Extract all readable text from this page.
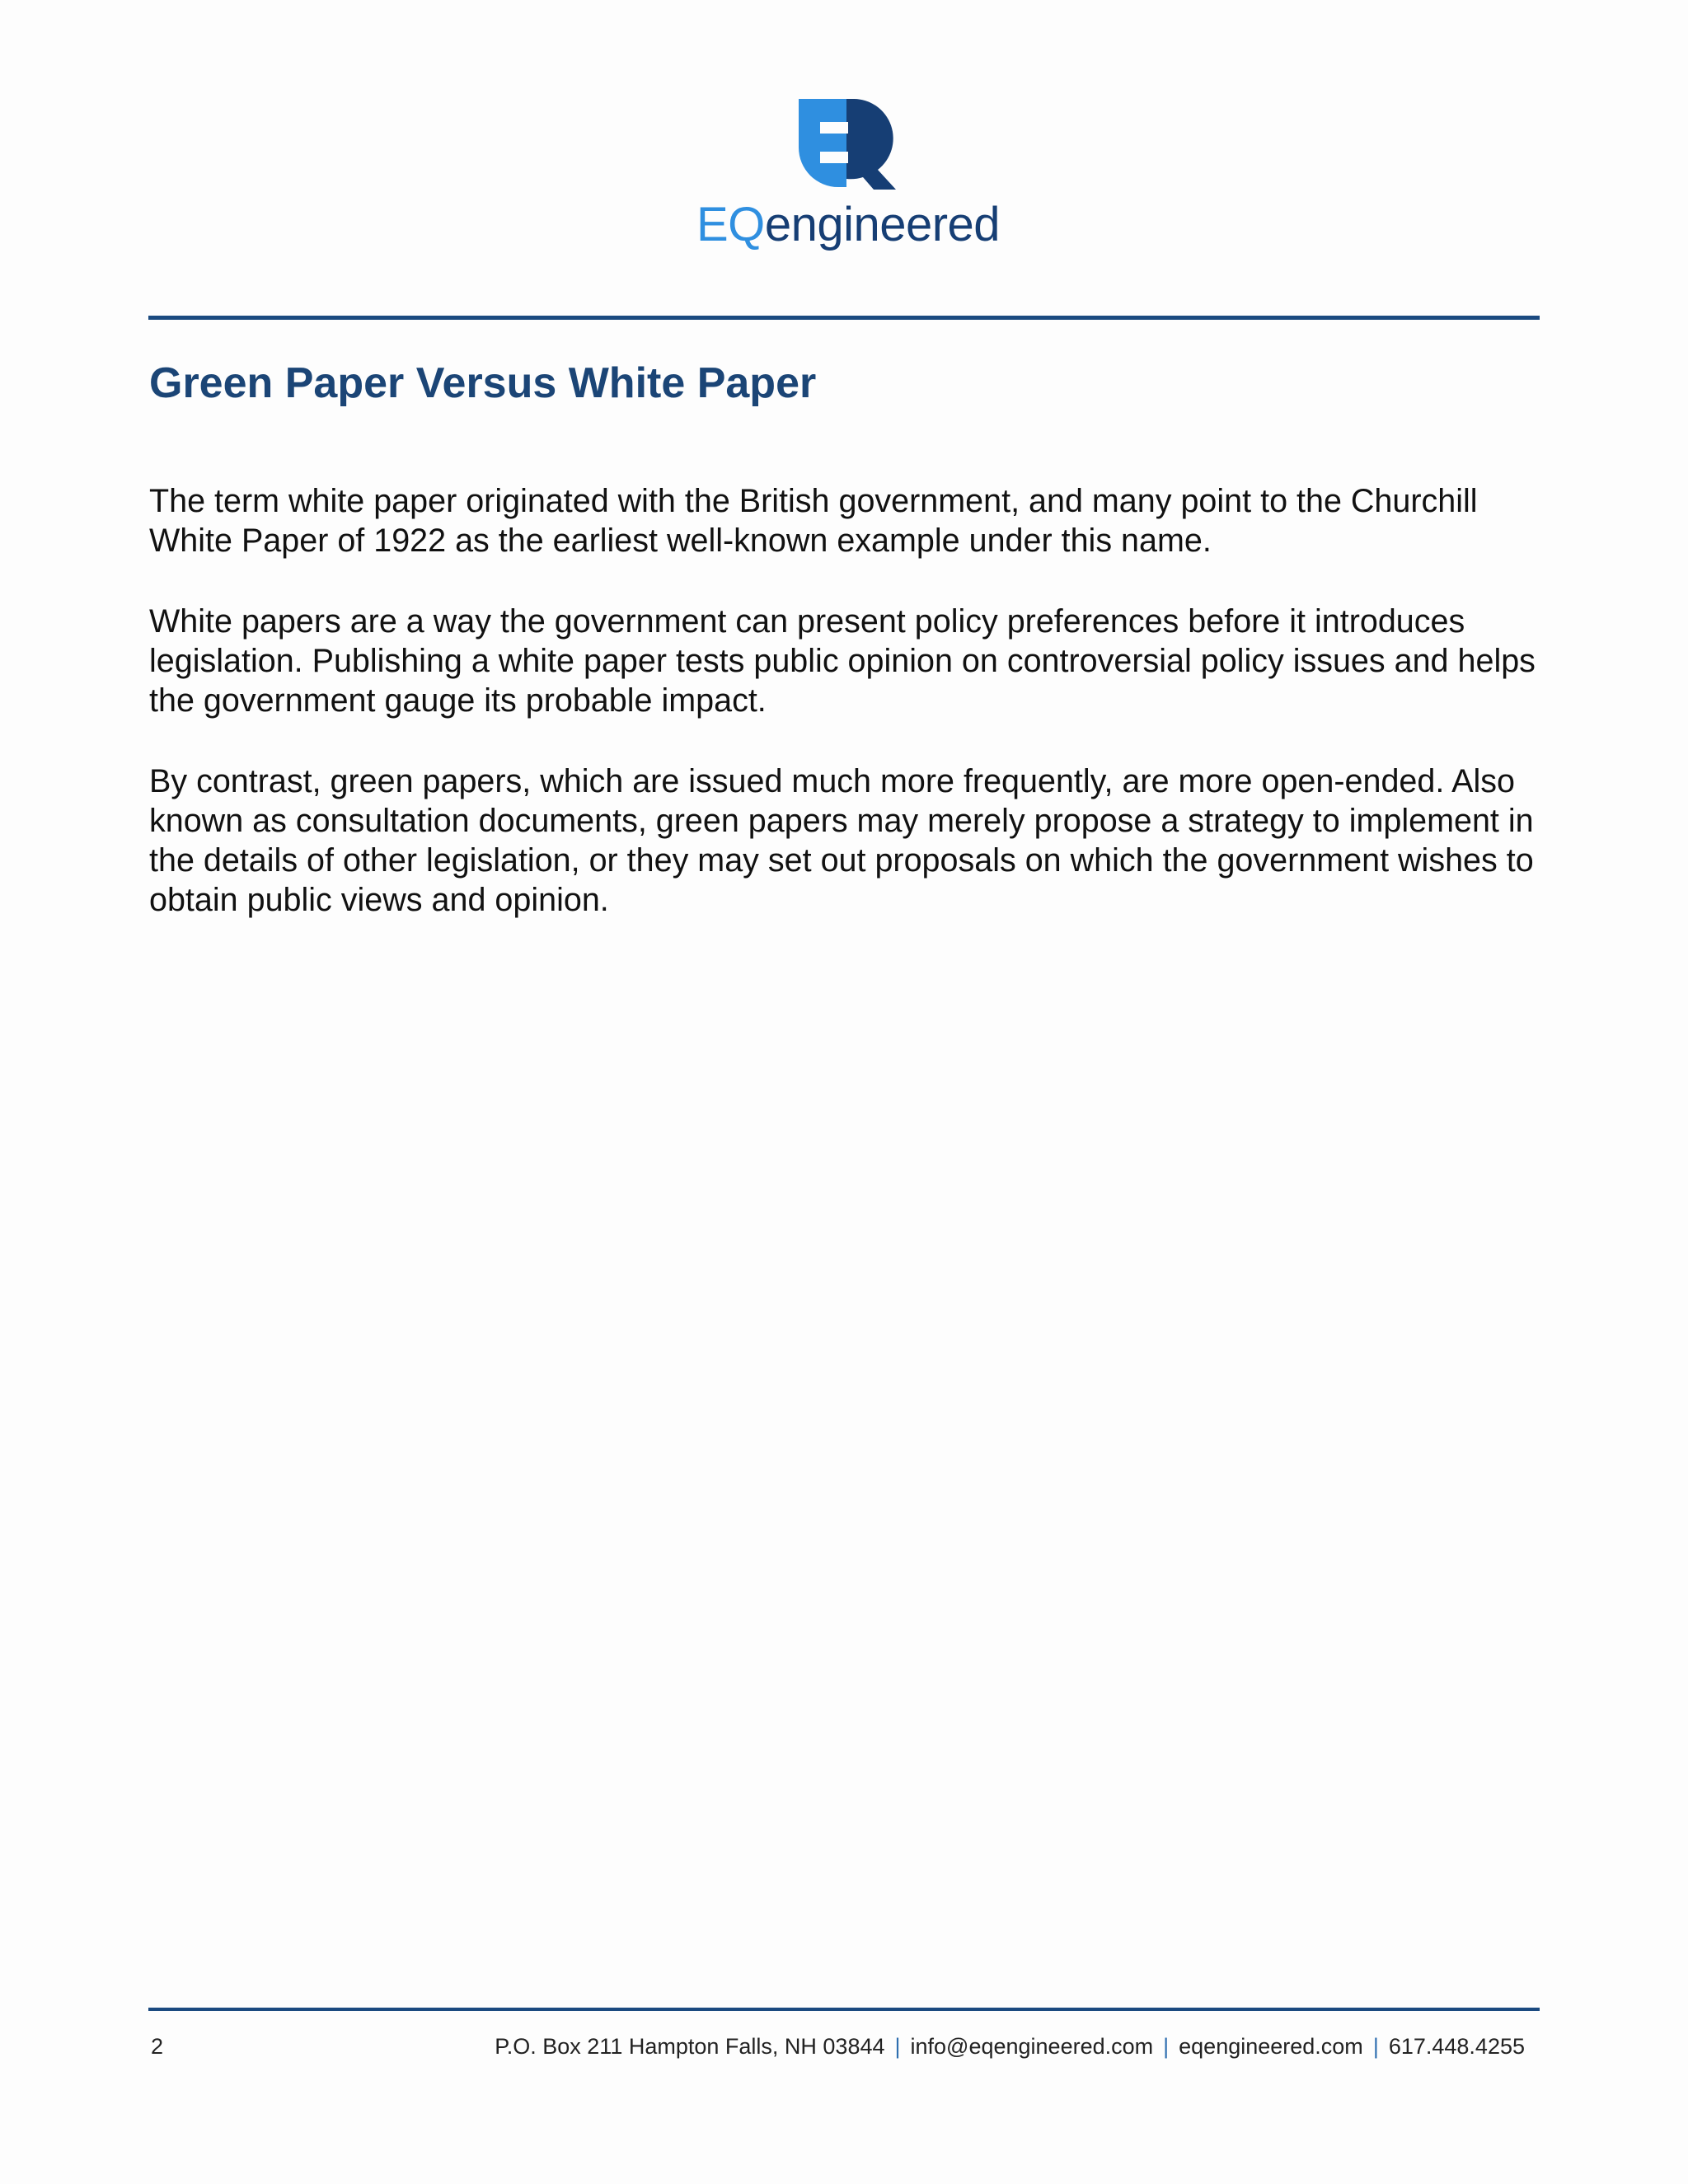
EQengineered
Green Paper Versus White Paper

The term white paper originated with the British government, and many point to the Churchill White Paper of 1922 as the earliest well-known example under this name.

White papers are a way the government can present policy preferences before it introduces legislation. Publishing a white paper tests public opinion on controversial policy issues and helps the government gauge its probable impact.

By contrast, green papers, which are issued much more frequently, are more open-ended. Also known as consultation documents, green papers may merely propose a strategy to implement in the details of other legislation, or they may set out proposals on which the government wishes to obtain public views and opinion.

2	P.O. Box 211 Hampton Falls, NH 03844 | info@eqengineered.com | eqengineered.com | 617.448.4255
